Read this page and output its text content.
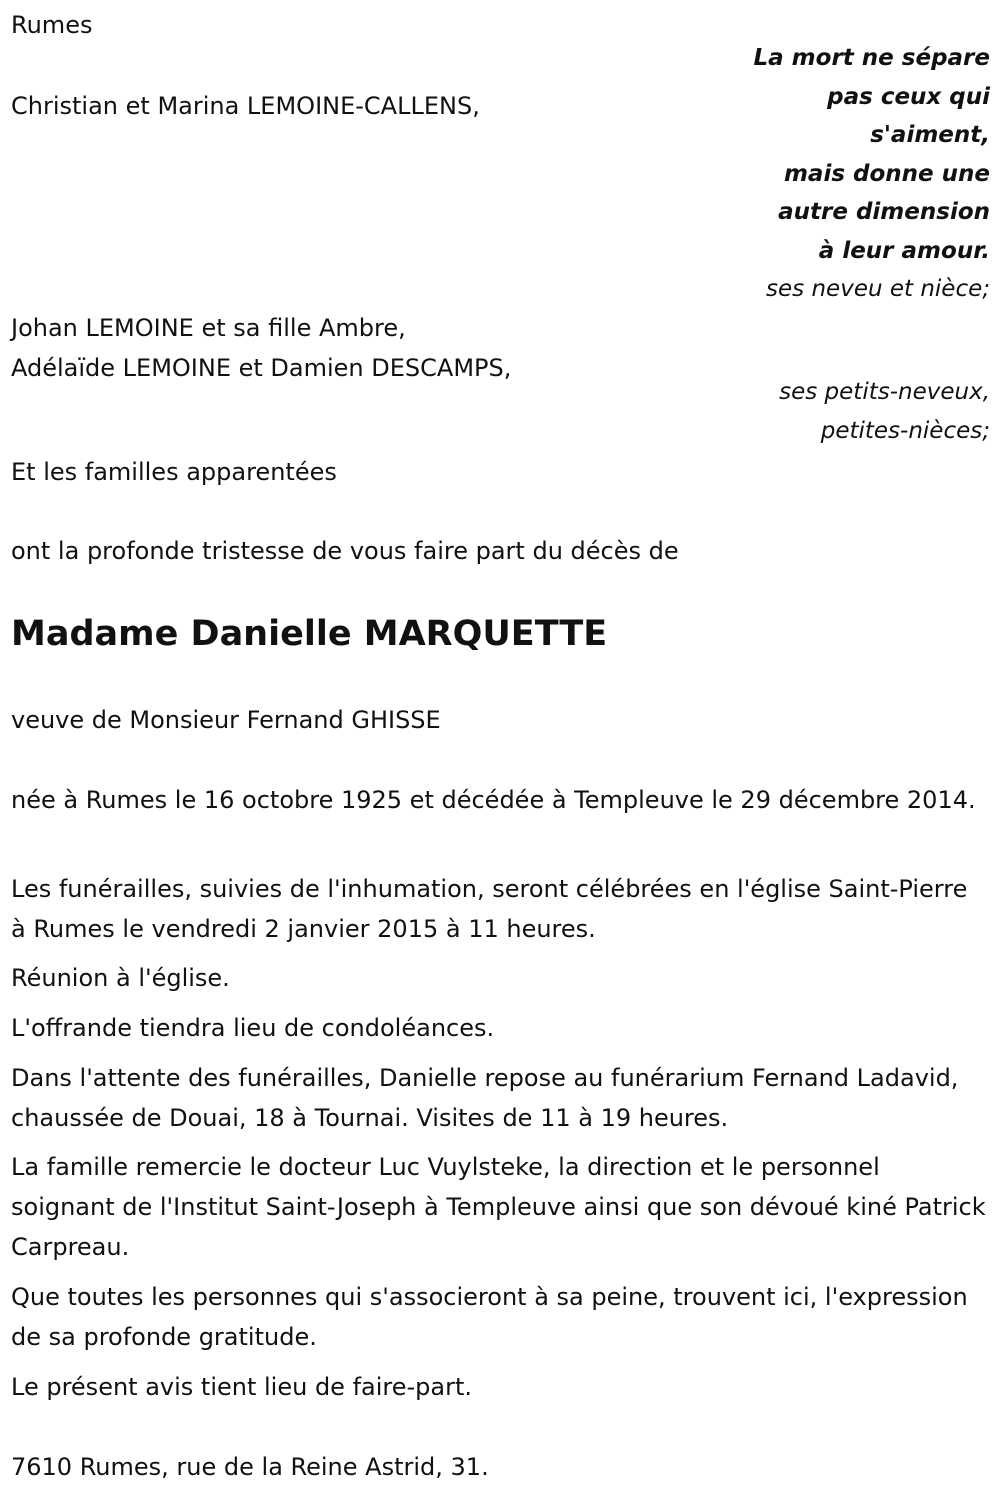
Rumes

La mort ne sépare
pas ceux qui
s'aiment,
mais donne une
autre dimension
à leur amour.

Christian et Marina LEMOINE-CALLENS,

ses neveu et nièce;

Johan LEMOINE et sa fille Ambre,

Adélaïde LEMOINE et Damien DESCAMPS,

ses petits-neveux,
petites-nièces;

Et les familles apparentées

ont la profonde tristesse de vous faire part du décès de

Madame Danielle MARQUETTE

veuve de Monsieur Fernand GHISSE

née à Rumes le 16 octobre 1925 et décédée à Templeuve le 29 décembre 2014.

Les funérailles, suivies de l'inhumation, seront célébrées en l'église Saint-Pierre à Rumes le vendredi 2 janvier 2015 à 11 heures.

Réunion à l'église.

L'offrande tiendra lieu de condoléances.

Dans l'attente des funérailles, Danielle repose au funérarium Fernand Ladavid, chaussée de Douai, 18 à Tournai. Visites de 11 à 19 heures.

La famille remercie le docteur Luc Vuylsteke, la direction et le personnel soignant de l'Institut Saint-Joseph à Templeuve ainsi que son dévoué kiné Patrick Carpreau.

Que toutes les personnes qui s'associeront à sa peine, trouvent ici, l'expression de sa profonde gratitude.

Le présent avis tient lieu de faire-part.

7610 Rumes, rue de la Reine Astrid, 31.
